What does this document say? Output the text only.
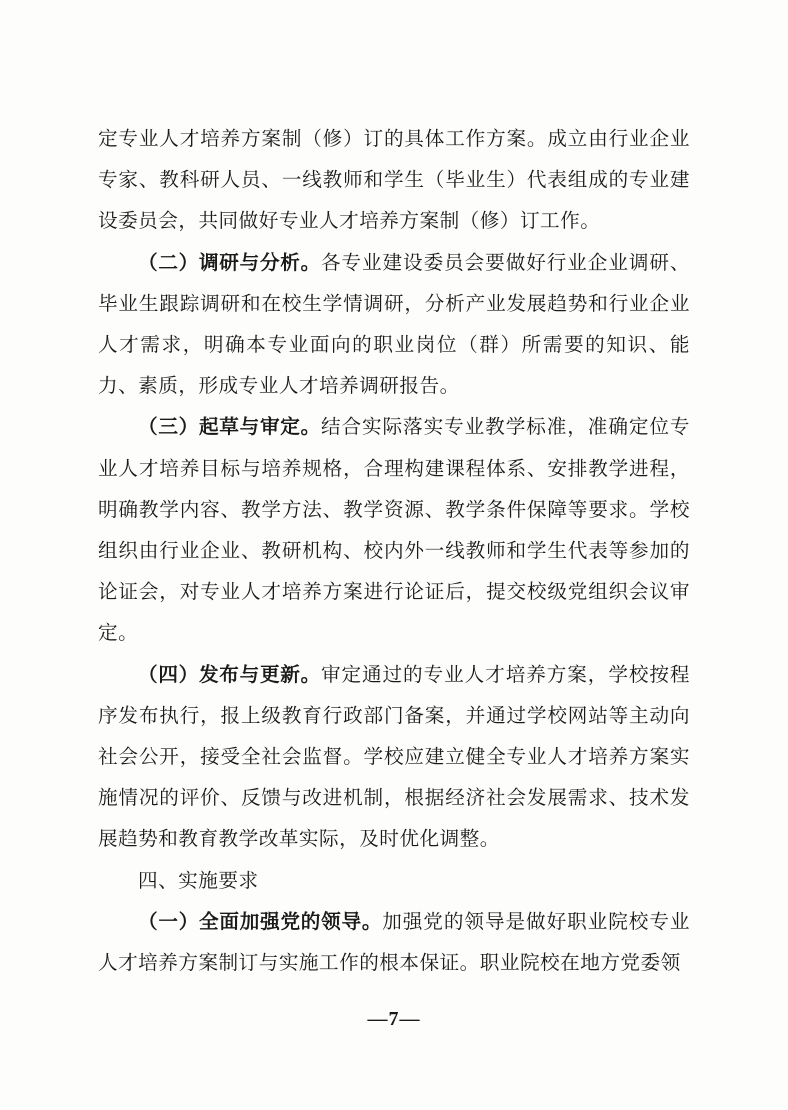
定专业人才培养方案制（修）订的具体工作方案。成立由行业企业专家、教科研人员、一线教师和学生（毕业生）代表组成的专业建设委员会，共同做好专业人才培养方案制（修）订工作。

（二）调研与分析。各专业建设委员会要做好行业企业调研、毕业生跟踪调研和在校生学情调研，分析产业发展趋势和行业企业人才需求，明确本专业面向的职业岗位（群）所需要的知识、能力、素质，形成专业人才培养调研报告。

（三）起草与审定。结合实际落实专业教学标准，准确定位专业人才培养目标与培养规格，合理构建课程体系、安排教学进程，明确教学内容、教学方法、教学资源、教学条件保障等要求。学校组织由行业企业、教研机构、校内外一线教师和学生代表等参加的论证会，对专业人才培养方案进行论证后，提交校级党组织会议审定。

（四）发布与更新。审定通过的专业人才培养方案，学校按程序发布执行，报上级教育行政部门备案，并通过学校网站等主动向社会公开，接受全社会监督。学校应建立健全专业人才培养方案实施情况的评价、反馈与改进机制，根据经济社会发展需求、技术发展趋势和教育教学改革实际，及时优化调整。

四、实施要求

（一）全面加强党的领导。加强党的领导是做好职业院校专业人才培养方案制订与实施工作的根本保证。职业院校在地方党委领

—7—
